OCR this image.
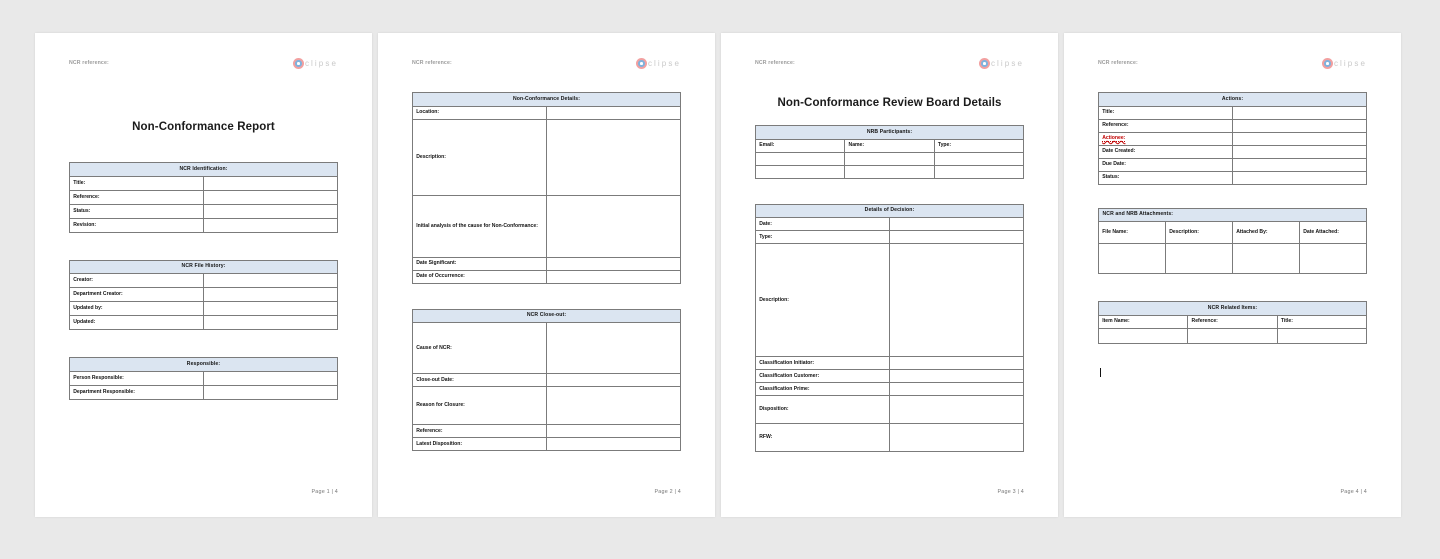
NCR reference:	clipse
Non-Conformance Report
NCR Identification:	
Title:	
Reference:	
Status:	
Revision:	
NCR File History:	
Creator:	
Department Creator:	
Updated by:	
Updated:	
Responsible:	
Person Responsible:	
Department Responsible:	
Page 1 | 4
NCR reference:	clipse
Non-Conformance Details:	
Location:	
Description:	
Initial analysis of the cause for Non-Conformance:	
Date Significant:	
Date of Occurrence:	
NCR Close-out:	
Cause of NCR:	
Close-out Date:	
Reason for Closure:	
Reference:	
Latest Disposition:	
Page 2 | 4
NCR reference:	clipse
Non-Conformance Review Board Details
NRB Participants:		
Email:	Name:	Type:

Details of Decision:	
Date:	
Type:	
Description:	
Classification Initiator:	
Classification Customer:	
Classification Prime:	
Disposition:	
RFW:	
Page 3 | 4
NCR reference:	clipse
Actions:	
Title:	
Reference:	
Actionee:	
Date Created:	
Due Date:	
Status:	
NCR and NRB Attachments:			
File Name:	Description:	Attached By:	Date Attached:

NCR Related Items:		
Item Name:	Reference:	Title:

Page 4 | 4
